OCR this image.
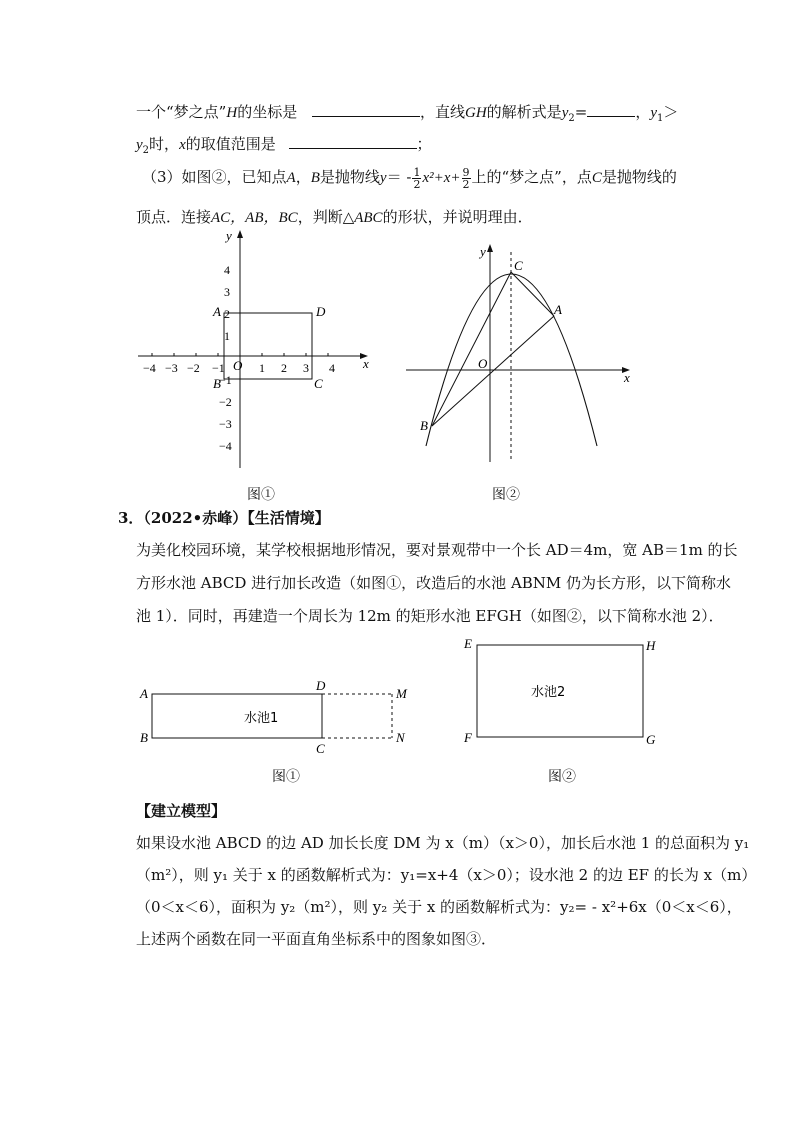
一个“梦之点”H的坐标是	，直线GH的解析式是$y_2=$	，$y_1>$
$y_2$时，x的取值范围是	；
（3）如图②，已知点A，B是抛物线$y= - \frac{1}{2} x^2+x+ \frac{9}{2}$ 上的“梦之点”，点C是抛物线的
顶点．连接AC，AB，BC，判断△ABC的形状，并说明理由．
x
y
O
−4 −3 −2 −1	1 2 3 4
4
3
2
1
−1
−2
−3
−4
A
B	C
D
图①
x
y
O
A
B
C
图②
3．（2022•赤峰）【生活情境】
为美化校园环境，某学校根据地形情况，要对景观带中一个长 AD＝4m，宽 AB＝1m 的长
方形水池 ABCD 进行加长改造（如图①，改造后的水池 ABNM 仍为长方形，以下简称水
池 1）．同时，再建造一个周长为 12m 的矩形水池 EFGH（如图②，以下简称水池 2）．
水池1
A
B
D
C
M
N
图①
水池2
E	H
F	G
图②
【建立模型】
如果设水池 ABCD 的边 AD 加长长度 DM 为 x（m）（x＞0），加长后水池 1 的总面积为 y₁
（m²），则 y₁ 关于 x 的函数解析式为：y₁=x+4（x＞0）；设水池 2 的边 EF 的长为 x（m）
（0＜x＜6），面积为 y₂（m²），则 y₂ 关于 x 的函数解析式为：y₂= - x²+6x（0＜x＜6），
上述两个函数在同一平面直角坐标系中的图象如图③．
